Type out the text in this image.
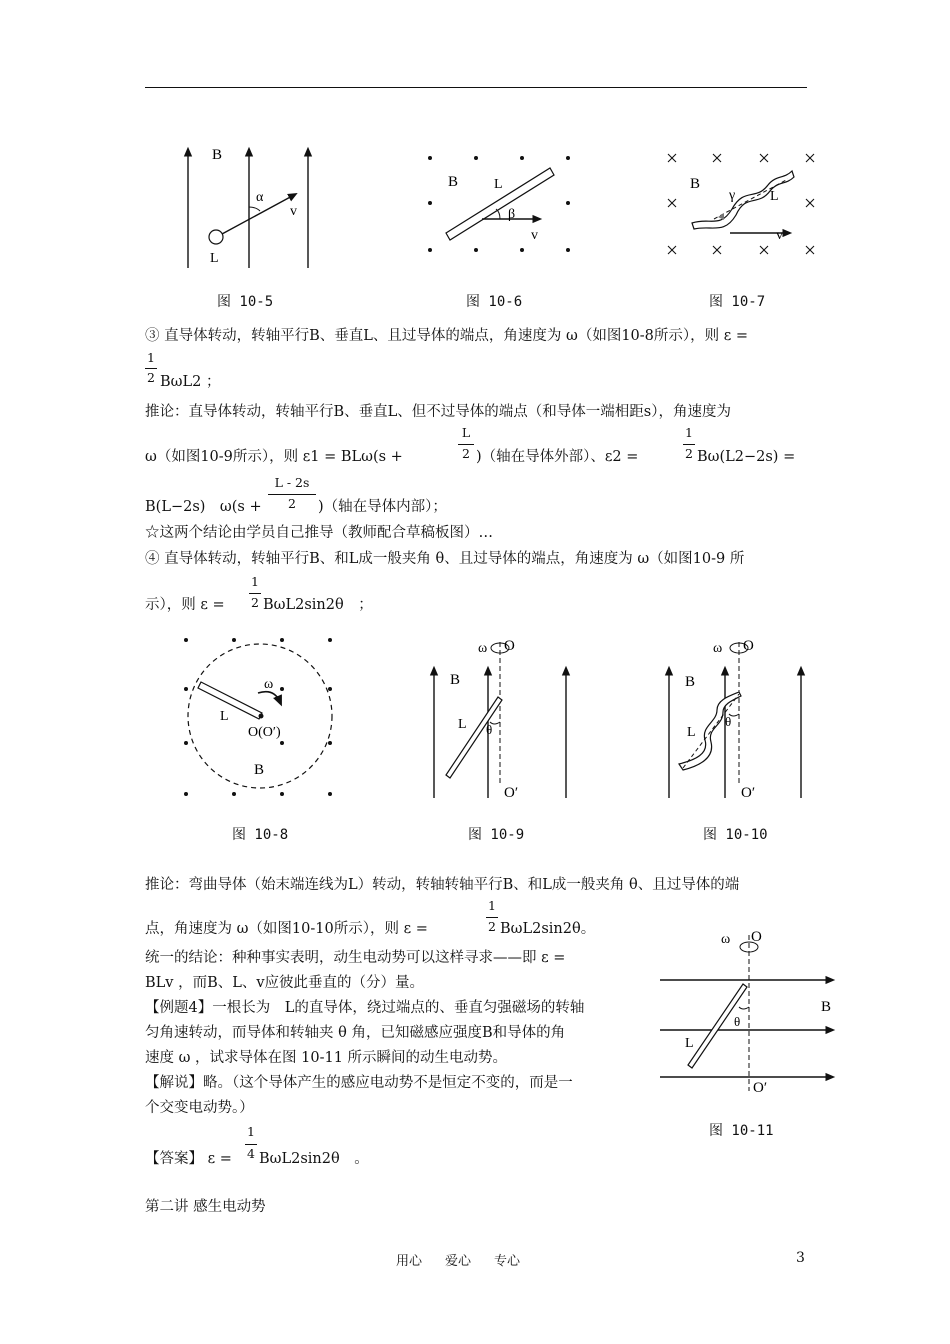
B
α
v
L
图 10-5
B	L
β
v
图 10-6
B
γ L
v
图 10-7
③ 直导体转动，转轴平行B、垂直L、且过导体的端点，角速度为 ω（如图10-8所示），则 ε =
1
2 BωL2 ；
推论：直导体转动，转轴平行B、垂直L、但不过导体的端点（和导体一端相距s），角速度为
ω（如图10-9所示），则 ε1 = BLω(s +
L
2 )（轴在导体外部）、ε2 =
1
2 Bω(L2−2s) =
B(L−2s)　ω(s +
L - 2s
2	)（轴在导体内部）；
☆这两个结论由学员自己推导（教师配合草稿板图）…
④ 直导体转动，转轴平行B、和L成一般夹角 θ、且过导体的端点，角速度为 ω（如图10-9 所
示），则 ε =
1
2 BωL2sin2θ　；
ω
L
O(O′)
B
图 10-8
ω O
B
L θ
O′
图 10-9
ω O
B
L
θ
O′
图 10-10
推论：弯曲导体（始末端连线为L）转动，转轴转轴平行B、和L成一般夹角 θ、且过导体的端
点，角速度为 ω（如图10-10所示），则 ε =
1
2 BωL2sin2θ。
统一的结论：种种事实表明，动生电动势可以这样寻求——即 ε =
BLv ，而B、L、v应彼此垂直的（分）量。
【例题4】一根长为　L的直导体，绕过端点的、垂直匀强磁场的转轴
匀角速转动，而导体和转轴夹 θ 角，已知磁感应强度B和导体的角
速度 ω ，试求导体在图 10-11 所示瞬间的动生电动势。
【解说】略。（这个导体产生的感应电动势不是恒定不变的，而是一
个交变电动势。）
【答案】 ε =
1
4 BωL2sin2θ　。
第二讲 感生电动势
ω O
B
L
θ
O′
图 10-11
用心 爱心 专心	3
